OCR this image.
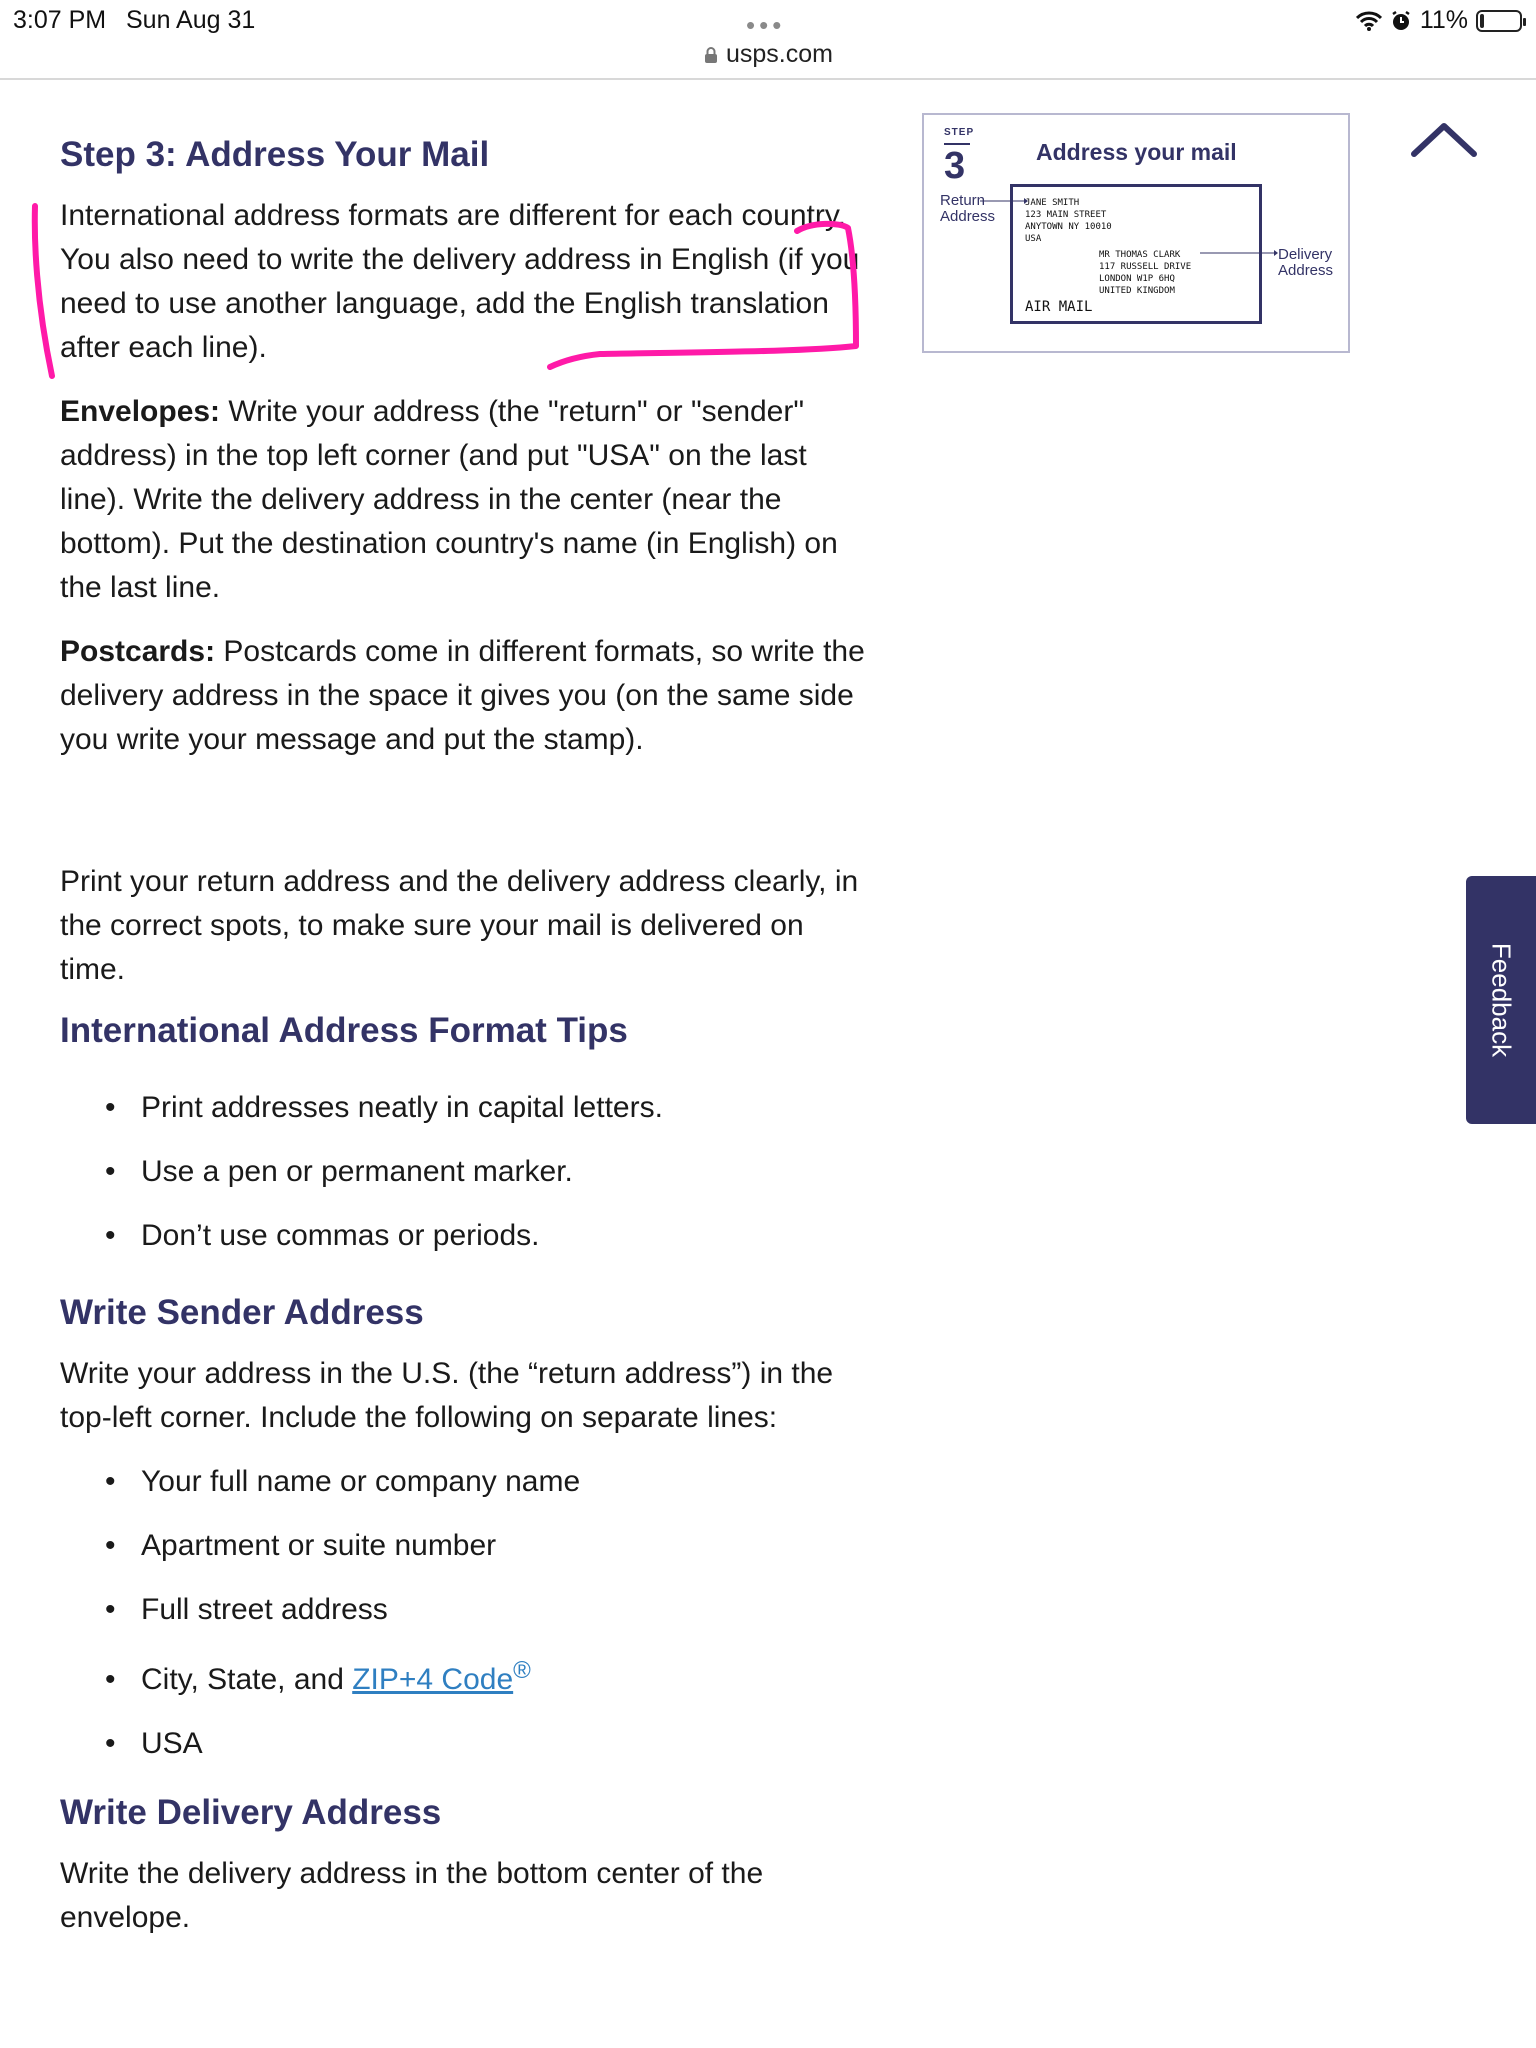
3:07 PM Sun Aug 31	•••
usps.com
11%
Step 3: Address Your Mail

International address formats are different for each country. You also need to write the delivery address in English (if you need to use another language, add the English translation after each line).

Envelopes: Write your address (the "return" or "sender" address) in the top left corner (and put "USA" on the last line). Write the delivery address in the center (near the bottom). Put the destination country's name (in English) on the last line.

Postcards: Postcards come in different formats, so write the delivery address in the space it gives you (on the same side you write your message and put the stamp).

Print your return address and the delivery address clearly, in the correct spots, to make sure your mail is delivered on time.

International Address Format Tips
• Print addresses neatly in capital letters.
• Use a pen or permanent marker.
• Don’t use commas or periods.
Write Sender Address

Write your address in the U.S. (the “return address”) in the top-left corner. Include the following on separate lines:

• Your full name or company name
• Apartment or suite number
• Full street address
• City, State, and ZIP+4 Code®
• USA
Write Delivery Address

Write the delivery address in the bottom center of the envelope.

STEP
3	Address your mail
Return
Address
Delivery
Address
JANE SMITH
123 MAIN STREET
ANYTOWN NY 10010
USA
MR THOMAS CLARK
117 RUSSELL DRIVE
LONDON W1P 6HQ
UNITED KINGDOM
AIR MAIL
Feedback
